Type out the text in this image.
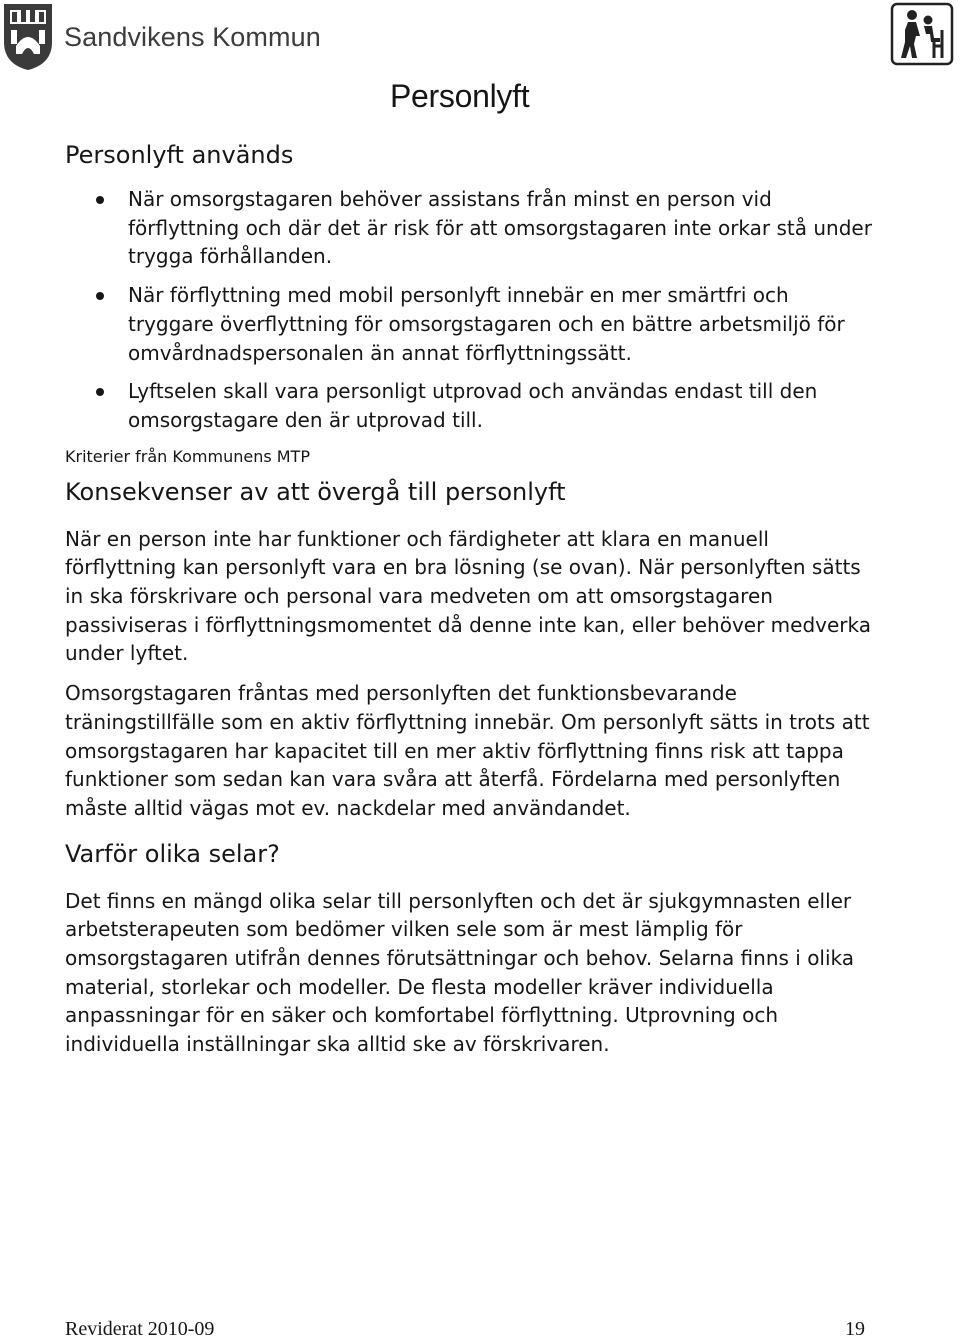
Sandvikens Kommun
Personlyft
Personlyft används
När omsorgstagaren behöver assistans från minst en person vid förflyttning och där det är risk för att omsorgstagaren inte orkar stå under trygga förhållanden.
När förflyttning med mobil personlyft innebär en mer smärtfri och tryggare överflyttning för omsorgstagaren och en bättre arbetsmiljö för omvårdnadspersonalen än annat förflyttningssätt.
Lyftselen skall vara personligt utprovad och användas endast till den omsorgstagare den är utprovad till.
Kriterier från Kommunens MTP
Konsekvenser av att övergå till personlyft

När en person inte har funktioner och färdigheter att klara en manuell förflyttning kan personlyft vara en bra lösning (se ovan). När personlyften sätts in ska förskrivare och personal vara medveten om att omsorgstagaren passiviseras i förflyttningsmomentet då denne inte kan, eller behöver medverka under lyftet.

Omsorgstagaren fråntas med personlyften det funktionsbevarande träningstillfälle som en aktiv förflyttning innebär. Om personlyft sätts in trots att omsorgstagaren har kapacitet till en mer aktiv förflyttning finns risk att tappa funktioner som sedan kan vara svåra att återfå. Fördelarna med personlyften måste alltid vägas mot ev. nackdelar med användandet.

Varför olika selar?

Det finns en mängd olika selar till personlyften och det är sjukgymnasten eller arbetsterapeuten som bedömer vilken sele som är mest lämplig för omsorgstagaren utifrån dennes förutsättningar och behov. Selarna finns i olika material, storlekar och modeller. De flesta modeller kräver individuella anpassningar för en säker och komfortabel förflyttning. Utprovning och individuella inställningar ska alltid ske av förskrivaren.

Reviderat 2010-09	19
